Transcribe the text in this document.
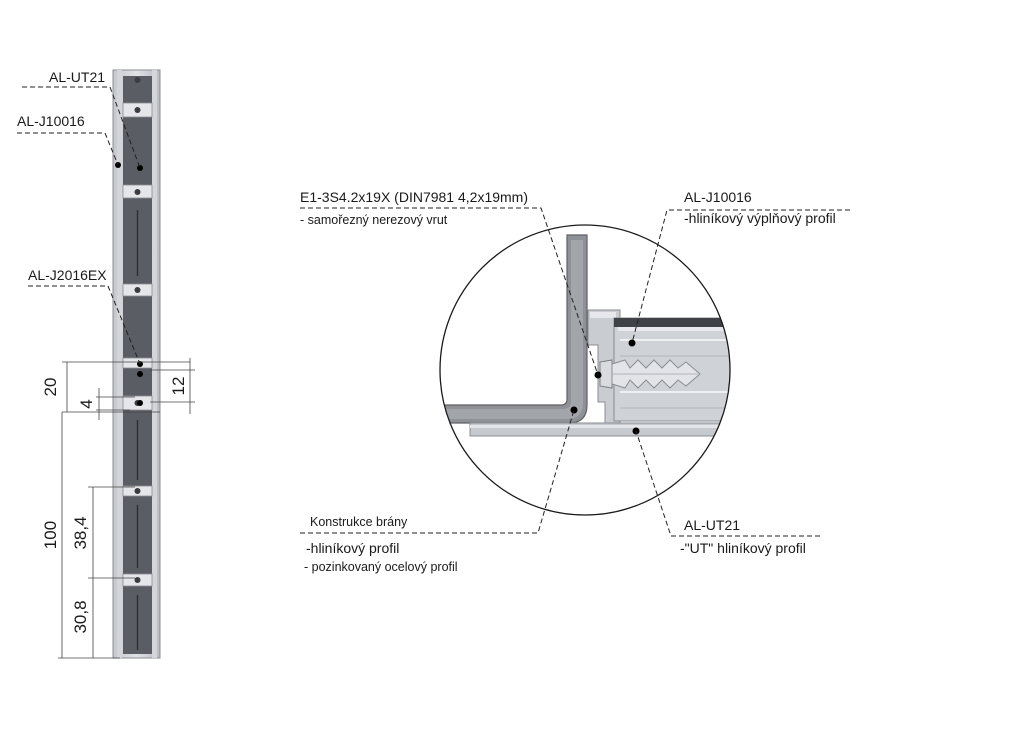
AL-UT21
AL-J10016
AL-J2016EX
20
4
12
100 38,4
30,8
E1-3S4.2x19X (DIN7981 4,2x19mm)
- samořezný nerezový vrut
AL-J10016
-hliníkový výplňový profil
Konstrukce brány
-hliníkový profil
- pozinkovaný ocelový profil
AL-UT21
-"UT" hliníkový profil
